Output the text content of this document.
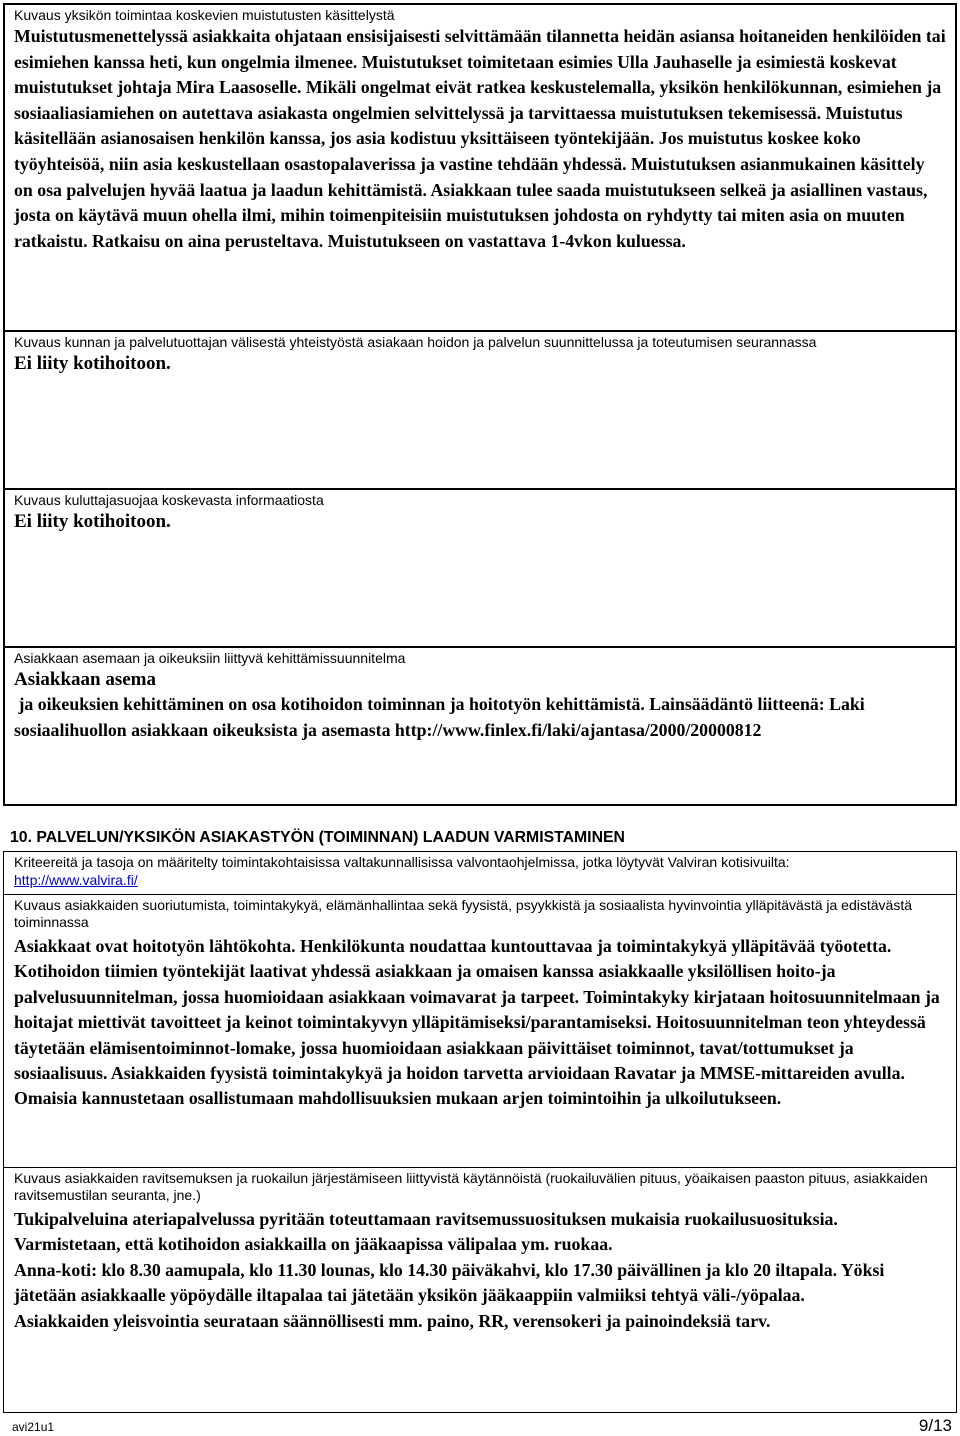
Kuvaus yksikön toimintaa koskevien muistutusten käsittelystä
Muistutusmenettelyssä asiakkaita ohjataan ensisijaisesti selvittämään tilannetta heidän asiansa hoitaneiden henkilöiden tai esimiehen kanssa heti, kun ongelmia ilmenee. Muistutukset toimitetaan esimies Ulla Jauhaselle ja esimiestä koskevat muistutukset johtaja Mira Laasoselle. Mikäli ongelmat eivät ratkea keskustelemalla, yksikön henkilökunnan, esimiehen ja sosiaaliasiamiehen on autettava asiakasta ongelmien selvittelyssä ja tarvittaessa muistutuksen tekemisessä. Muistutus käsitellään asianosaisen henkilön kanssa, jos asia kodistuu yksittäiseen työntekijään. Jos muistutus koskee koko työyhteisöä, niin asia keskustellaan osastopalaverissa ja vastine tehdään yhdessä. Muistutuksen asianmukainen käsittely on osa palvelujen hyvää laatua ja laadun kehittämistä. Asiakkaan tulee saada muistutukseen selkeä ja asiallinen vastaus, josta on käytävä muun ohella ilmi, mihin toimenpiteisiin muistutuksen johdosta on ryhdytty tai miten asia on muuten ratkaistu. Ratkaisu on aina perusteltava. Muistutukseen on vastattava 1-4vkon kuluessa.
Kuvaus kunnan ja palvelutuottajan välisestä yhteistyöstä asiakaan hoidon ja palvelun suunnittelussa ja toteutumisen seurannassa
Ei liity kotihoitoon.
Kuvaus kuluttajasuojaa koskevasta informaatiosta
Ei liity kotihoitoon.
Asiakkaan asemaan ja oikeuksiin liittyvä kehittämissuunnitelma
Asiakkaan asema
ja oikeuksien kehittäminen on osa kotihoidon toiminnan ja hoitotyön kehittämistä. Lainsäädäntö liitteenä: Laki sosiaalihuollon asiakkaan oikeuksista ja asemasta http://www.finlex.fi/laki/ajantasa/2000/20000812
10. PALVELUN/YKSIKÖN ASIAKASTYÖN (TOIMINNAN) LAADUN VARMISTAMINEN
Kriteereitä ja tasoja on määritelty toimintakohtaisissa valtakunnallisissa valvontaohjelmissa, jotka löytyvät Valviran kotisivuilta:
http://www.valvira.fi/
Kuvaus asiakkaiden suoriutumista, toimintakykyä, elämänhallintaa sekä fyysistä, psyykkistä ja sosiaalista hyvinvointia ylläpitävästä ja edistävästä toiminnassa
Asiakkaat ovat hoitotyön lähtökohta. Henkilökunta noudattaa kuntouttavaa ja toimintakykyä ylläpitävää työotetta. Kotihoidon tiimien työntekijät laativat yhdessä asiakkaan ja omaisen kanssa asiakkaalle yksilöllisen hoito-ja palvelusuunnitelman, jossa huomioidaan asiakkaan voimavarat ja tarpeet. Toimintakyky kirjataan hoitosuunnitelmaan ja hoitajat miettivät tavoitteet ja keinot toimintakyvyn ylläpitämiseksi/parantamiseksi. Hoitosuunnitelman teon yhteydessä täytetään elämisentoiminnot-lomake, jossa huomioidaan asiakkaan päivittäiset toiminnot, tavat/tottumukset ja sosiaalisuus. Asiakkaiden fyysistä toimintakykyä ja hoidon tarvetta arvioidaan Ravatar ja MMSE-mittareiden avulla. Omaisia kannustetaan osallistumaan mahdollisuuksien mukaan arjen toimintoihin ja ulkoilutukseen.
Kuvaus asiakkaiden ravitsemuksen ja ruokailun järjestämiseen liittyvistä käytännöistä (ruokailuvälien pituus, yöaikaisen paaston pituus, asiakkaiden ravitsemustilan seuranta, jne.)
Tukipalveluina ateriapalvelussa pyritään toteuttamaan ravitsemussuosituksen mukaisia ruokailusuosituksia. Varmistetaan, että kotihoidon asiakkailla on jääkaapissa välipalaa ym. ruokaa.
Anna-koti: klo 8.30 aamupala, klo 11.30 lounas, klo 14.30 päiväkahvi, klo 17.30 päivällinen ja klo 20 iltapala. Yöksi jätetään asiakkaalle yöpöydälle iltapalaa tai jätetään yksikön jääkaappiin valmiiksi tehtyä väli-/yöpalaa.
Asiakkaiden yleisvointia seurataan säännöllisesti mm. paino, RR, verensokeri ja painoindeksiä tarv.
avi21u1	9/13
